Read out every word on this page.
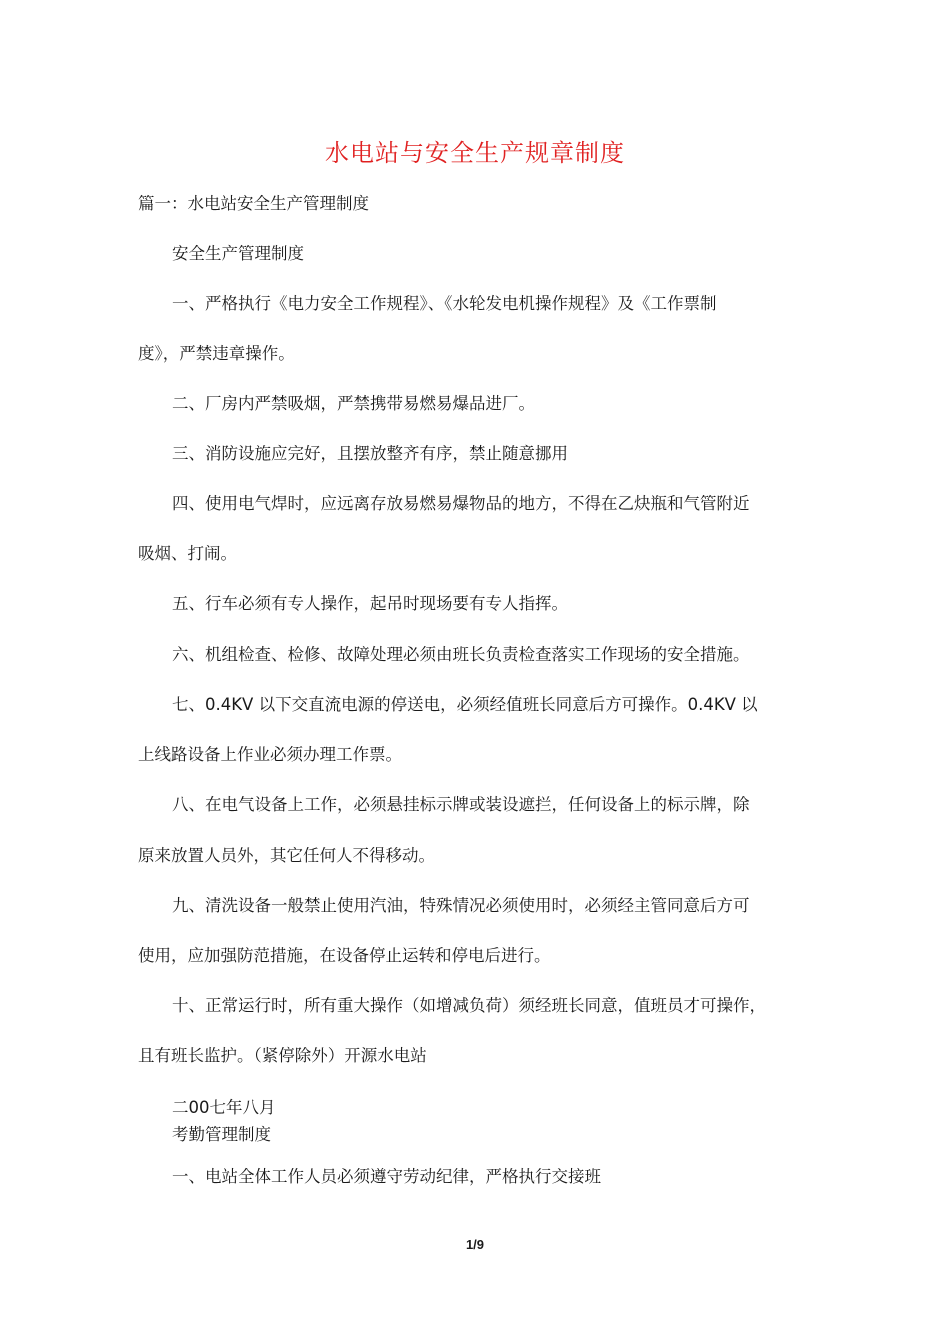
水电站与安全生产规章制度
篇一：水电站安全生产管理制度
安全生产管理制度
一、严格执行《电力安全工作规程》、《水轮发电机操作规程》及《工作票制
度》，严禁违章操作。
二、厂房内严禁吸烟，严禁携带易燃易爆品进厂。
三、消防设施应完好，且摆放整齐有序，禁止随意挪用
四、使用电气焊时，应远离存放易燃易爆物品的地方，不得在乙炔瓶和气管附近
吸烟、打闹。
五、行车必须有专人操作，起吊时现场要有专人指挥。
六、机组检查、检修、故障处理必须由班长负责检查落实工作现场的安全措施。
七、0.4KV 以下交直流电源的停送电，必须经值班长同意后方可操作。0.4KV 以
上线路设备上作业必须办理工作票。
八、在电气设备上工作，必须悬挂标示牌或装设遮拦，任何设备上的标示牌，除
原来放置人员外，其它任何人不得移动。
九、清洗设备一般禁止使用汽油，特殊情况必须使用时，必须经主管同意后方可
使用，应加强防范措施，在设备停止运转和停电后进行。
十、正常运行时，所有重大操作（如增减负荷）须经班长同意，值班员才可操作，
且有班长监护。（紧停除外）开源水电站
二00七年八月
考勤管理制度
一、电站全体工作人员必须遵守劳动纪律，严格执行交接班
1/9
